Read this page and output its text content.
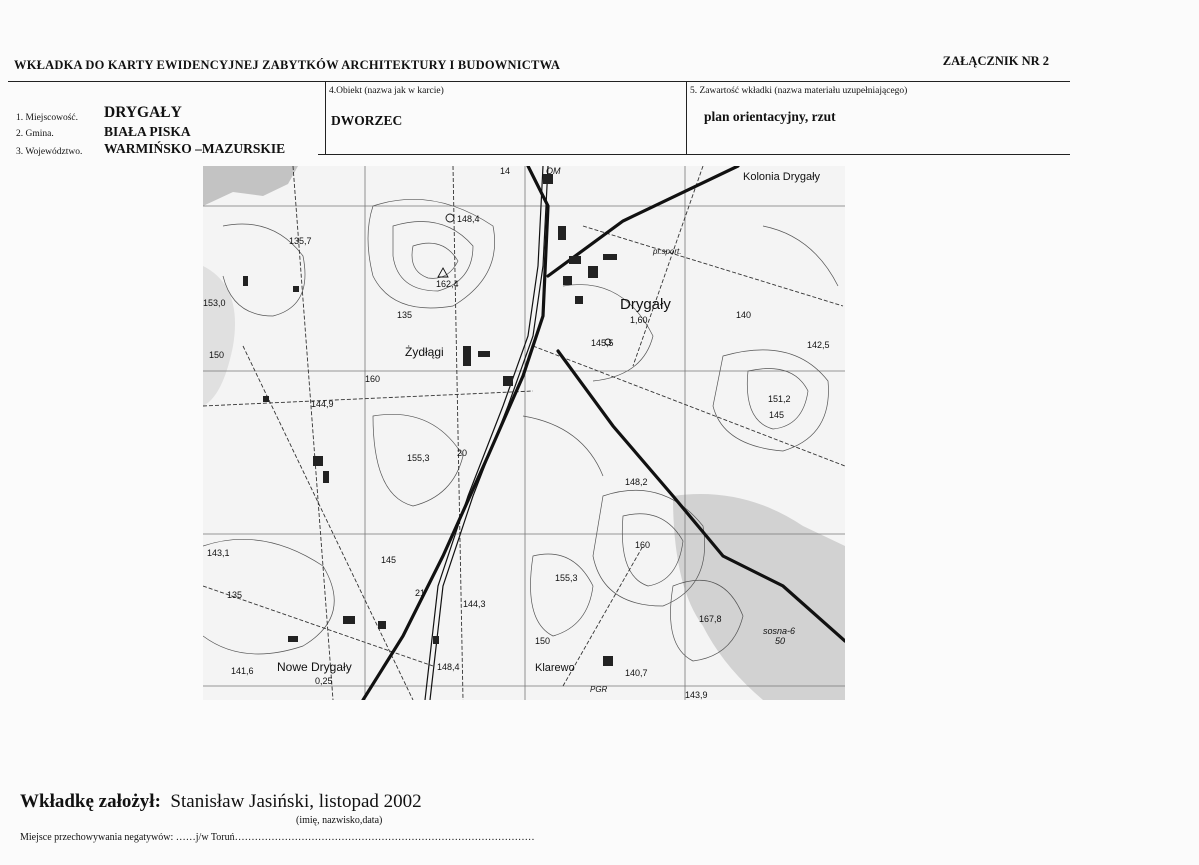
WKŁADKA DO KARTY EWIDENCYJNEJ ZABYTKÓW ARCHITEKTURY I BUDOWNICTWA	ZAŁĄCZNIK NR 2
1. Miejscowość. DRYGAŁY
2. Gmina.	BIAŁA PISKA
3. Województwo. WARMIŃSKO –MAZURSKIE
4.Obiekt (nazwa jak w karcie)
DWORZEC
5. Zawartość wkładki (nazwa materiału uzupełniającego)
plan orientacyjny, rzut
Kolonia Drygały
Drygały
Żydłągi
Nowe Drygały	Klarewo
OM
pl.sport.
PGR
148,4
162,4
135,7
153,0
135
150
145,5
1,60	140
142,5
151,2
145
160
144,9
155,3
148,2
143,1
135
145
144,3
155,3
160
167,8
141,6
0,25
148,4
150
140,7
143,9
14
20
21
sosna-6
50
Wkładkę założył: Stanisław Jasiński, listopad 2002
(imię, nazwisko,data)
Miejsce przechowywania negatywów: ……j/w Toruń………………………………………………………………………………
